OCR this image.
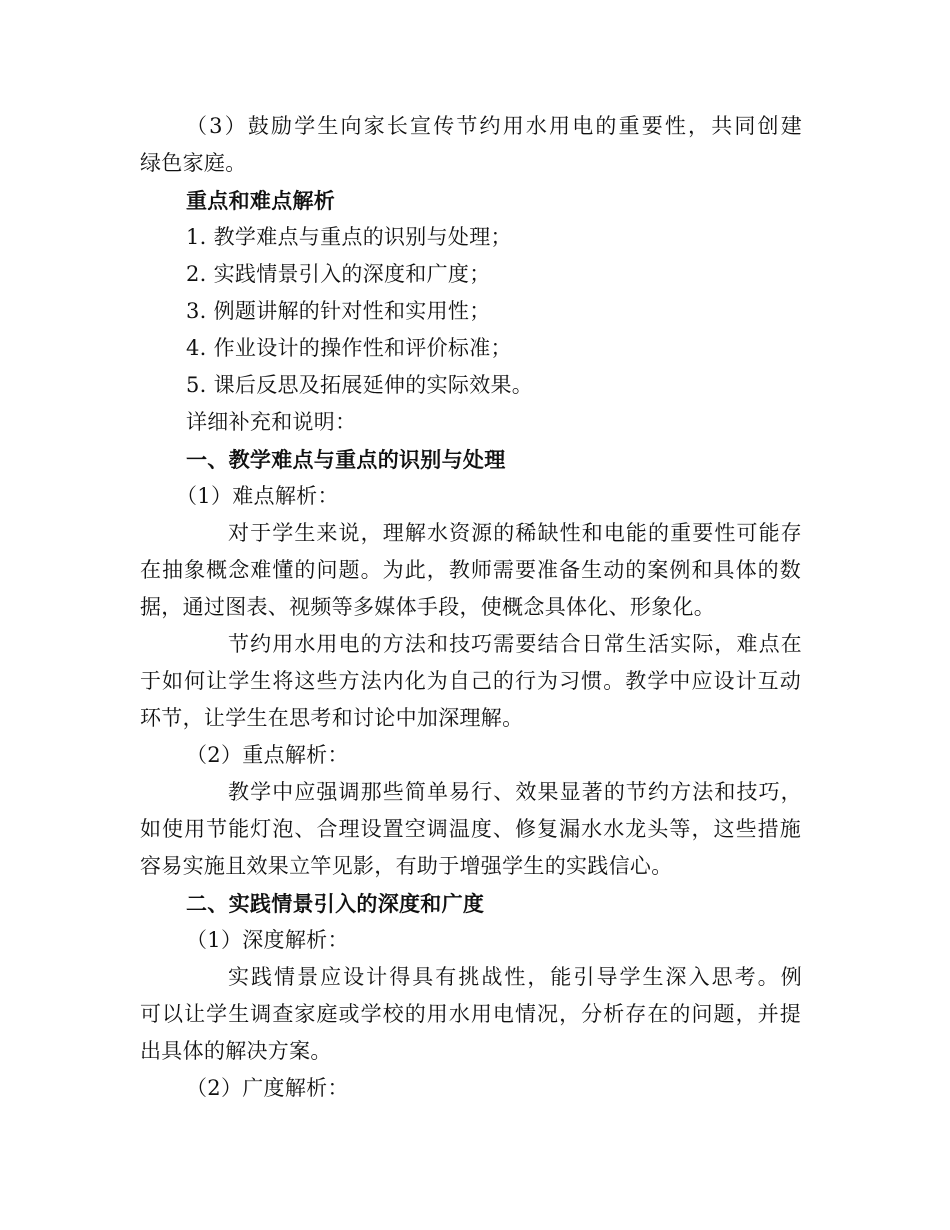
（3）鼓励学生向家长宣传节约用水用电的重要性，共同创建
绿色家庭。
重点和难点解析
1. 教学难点与重点的识别与处理；
2. 实践情景引入的深度和广度；
3. 例题讲解的针对性和实用性；
4. 作业设计的操作性和评价标准；
5. 课后反思及拓展延伸的实际效果。
详细补充和说明：
一、教学难点与重点的识别与处理
（1）难点解析：
对于学生来说，理解水资源的稀缺性和电能的重要性可能存
在抽象概念难懂的问题。为此，教师需要准备生动的案例和具体的数
据，通过图表、视频等多媒体手段，使概念具体化、形象化。
节约用水用电的方法和技巧需要结合日常生活实际，难点在
于如何让学生将这些方法内化为自己的行为习惯。教学中应设计互动
环节，让学生在思考和讨论中加深理解。
（2）重点解析：
教学中应强调那些简单易行、效果显著的节约方法和技巧，
如使用节能灯泡、合理设置空调温度、修复漏水水龙头等，这些措施
容易实施且效果立竿见影，有助于增强学生的实践信心。
二、实践情景引入的深度和广度
（1）深度解析：
实践情景应设计得具有挑战性，能引导学生深入思考。例
可以让学生调查家庭或学校的用水用电情况，分析存在的问题，并提
出具体的解决方案。
（2）广度解析：
